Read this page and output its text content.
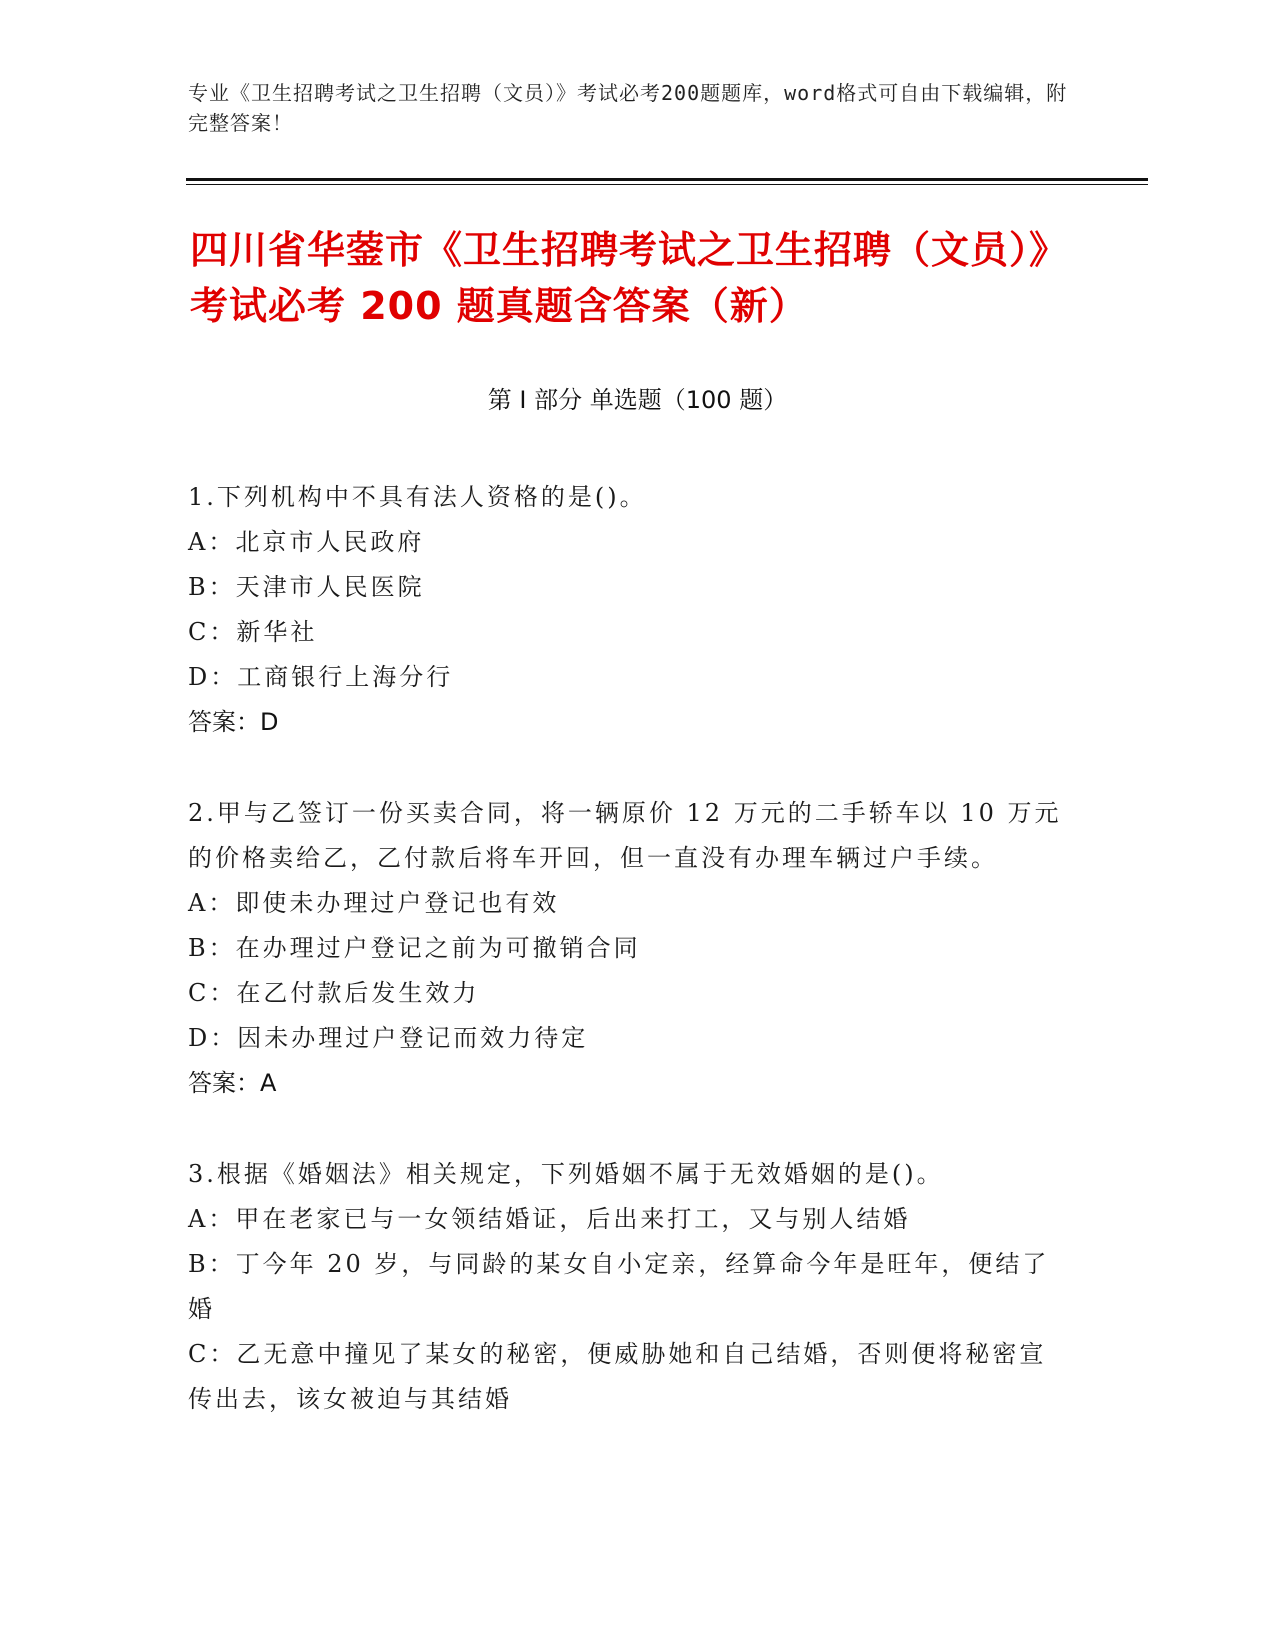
专业《卫生招聘考试之卫生招聘（文员）》考试必考200题题库，word格式可自由下载编辑，附完整答案！
四川省华蓥市《卫生招聘考试之卫生招聘（文员）》考试必考 200 题真题含答案（新）
第 I 部分 单选题（100 题）
1.下列机构中不具有法人资格的是()。
A：北京市人民政府
B：天津市人民医院
C：新华社
D：工商银行上海分行
答案：D
2.甲与乙签订一份买卖合同，将一辆原价 12 万元的二手轿车以 10 万元的价格卖给乙，乙付款后将车开回，但一直没有办理车辆过户手续。
A：即使未办理过户登记也有效
B：在办理过户登记之前为可撤销合同
C：在乙付款后发生效力
D：因未办理过户登记而效力待定
答案：A
3.根据《婚姻法》相关规定，下列婚姻不属于无效婚姻的是()。
A：甲在老家已与一女领结婚证，后出来打工，又与别人结婚
B：丁今年 20 岁，与同龄的某女自小定亲，经算命今年是旺年，便结了婚
C：乙无意中撞见了某女的秘密，便威胁她和自己结婚，否则便将秘密宣传出去，该女被迫与其结婚
